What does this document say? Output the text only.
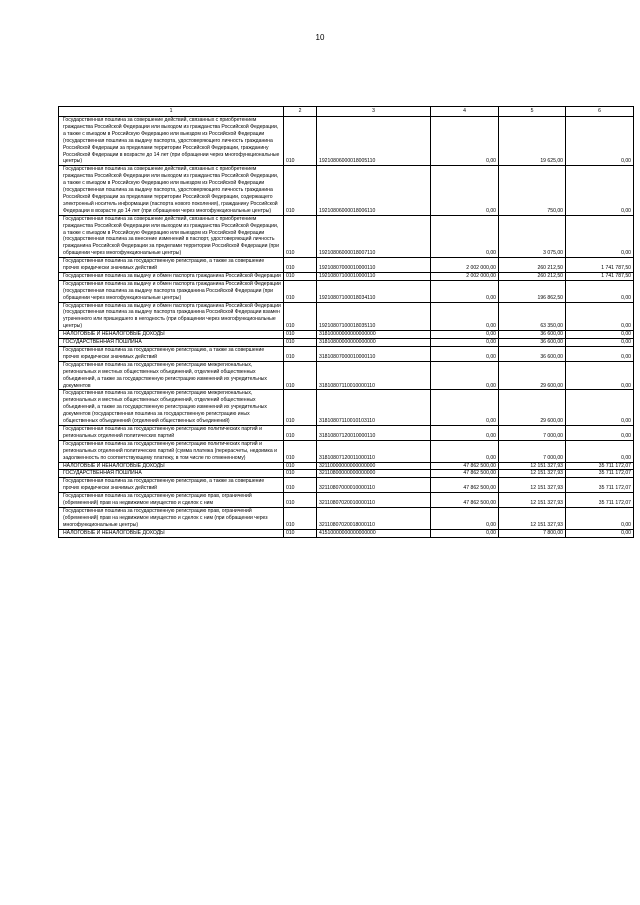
10
1	2	3	4	5	6
Государственная пошлина за совершение действий, связанных с приобретением гражданства Российской Федерации или выходом из гражданства Российской Федерации, а также с въездом в Российскую Федерацию или выездом из Российской Федерации (государственная пошлина за выдачу паспорта, удостоверяющего личность гражданина Российской Федерации за пределами территории Российской Федерации, гражданину Российской Федерации в возрасте до 14 лет (при обращении через многофункциональные центры)	010	19210806000018005110	0,00	19 625,00	0,00
Государственная пошлина за совершение действий, связанных с приобретением гражданства Российской Федерации или выходом из гражданства Российской Федерации, а также с въездом в Российскую Федерацию или выездом из Российской Федерации (государственная пошлина за выдачу паспорта, удостоверяющего личность гражданина Российской Федерации за пределами территории Российской Федерации, содержащего электронный носитель информации (паспорта нового поколения), гражданину Российской Федерации в возрасте до 14 лет (при обращении через многофункциональные центры)	010	19210806000018006110	0,00	750,00	0,00
Государственная пошлина за совершение действий, связанных с приобретением гражданства Российской Федерации или выходом из гражданства Российской Федерации, а также с въездом в Российскую Федерацию или выездом из Российской Федерации (государственная пошлина за внесение изменений в паспорт, удостоверяющий личность гражданина Российской Федерации за пределами территории Российской Федерации (при обращении через многофункциональные центры)	010	19210806000018007110	0,00	3 075,00	0,00
Государственная пошлина за государственную регистрацию, а также за совершение прочих юридически значимых действий	010	19210807000010000110	2 002 000,00	260 212,50	1 741 787,50
Государственная пошлина за выдачу и обмен паспорта гражданина Российской Федерации	010	19210807100010000110	2 002 000,00	260 212,50	1 741 787,50
Государственная пошлина за выдачу и обмен паспорта гражданина Российской Федерации (государственная пошлина за выдачу паспорта гражданина Российской Федерации (при обращении через многофункциональные центры)	010	19210807100018034110	0,00	196 862,50	0,00
Государственная пошлина за выдачу и обмен паспорта гражданина Российской Федерации (государственная пошлина за выдачу паспорта гражданина Российской Федерации взамен утраченного или пришедшего в негодность (при обращении через многофункциональные центры)	010	19210807100018035110	0,00	63 350,00	0,00
НАЛОГОВЫЕ И НЕНАЛОГОВЫЕ ДОХОДЫ	010	31810000000000000000	0,00	36 600,00	0,00
ГОСУДАРСТВЕННАЯ ПОШЛИНА	010	31810800000000000000	0,00	36 600,00	0,00
Государственная пошлина за государственную регистрацию, а также за совершение прочих юридически значимых действий	010	31810807000010000110	0,00	36 600,00	0,00
Государственная пошлина за государственную регистрацию межрегиональных, региональных и местных общественных объединений, отделений общественных объединений, а также за государственную регистрацию изменений их учредительных документов	010	31810807110010000110	0,00	29 600,00	0,00
Государственная пошлина за государственную регистрацию межрегиональных, региональных и местных общественных объединений, отделений общественных объединений, а также за государственную регистрацию изменений их учредительных документов (государственная пошлина за государственную регистрацию иных общественных объединений (отделений общественных объединений)	010	31810807110010103110	0,00	29 600,00	0,00
Государственная пошлина за государственную регистрацию политических партий и региональных отделений политических партий	010	31810807120010000110	0,00	7 000,00	0,00
Государственная пошлина за государственную регистрацию политических партий и региональных отделений политических партий (сумма платежа (перерасчеты, недоимка и задолженность по соответствующему платежу, в том числе по отмененному)	010	31810807120011000110	0,00	7 000,00	0,00
НАЛОГОВЫЕ И НЕНАЛОГОВЫЕ ДОХОДЫ	010	32110000000000000000	47 862 500,00	12 151 327,93	35 711 172,07
ГОСУДАРСТВЕННАЯ ПОШЛИНА	010	32110800000000000000	47 862 500,00	12 151 327,93	35 711 172,07
Государственная пошлина за государственную регистрацию, а также за совершение прочих юридически значимых действий	010	32110807000010000110	47 862 500,00	12 151 327,93	35 711 172,07
Государственная пошлина за государственную регистрацию прав, ограничений (обременений) прав на недвижимое имущество и сделок с ним	010	32110807020010000110	47 862 500,00	12 151 327,93	35 711 172,07
Государственная пошлина за государственную регистрацию прав, ограничений (обременений) прав на недвижимое имущество и сделок с ним (при обращении через многофункциональные центры)	010	32110807020018000110	0,00	12 151 327,93	0,00
НАЛОГОВЫЕ И НЕНАЛОГОВЫЕ ДОХОДЫ	010	41510000000000000000	0,00	7 800,00	0,00
